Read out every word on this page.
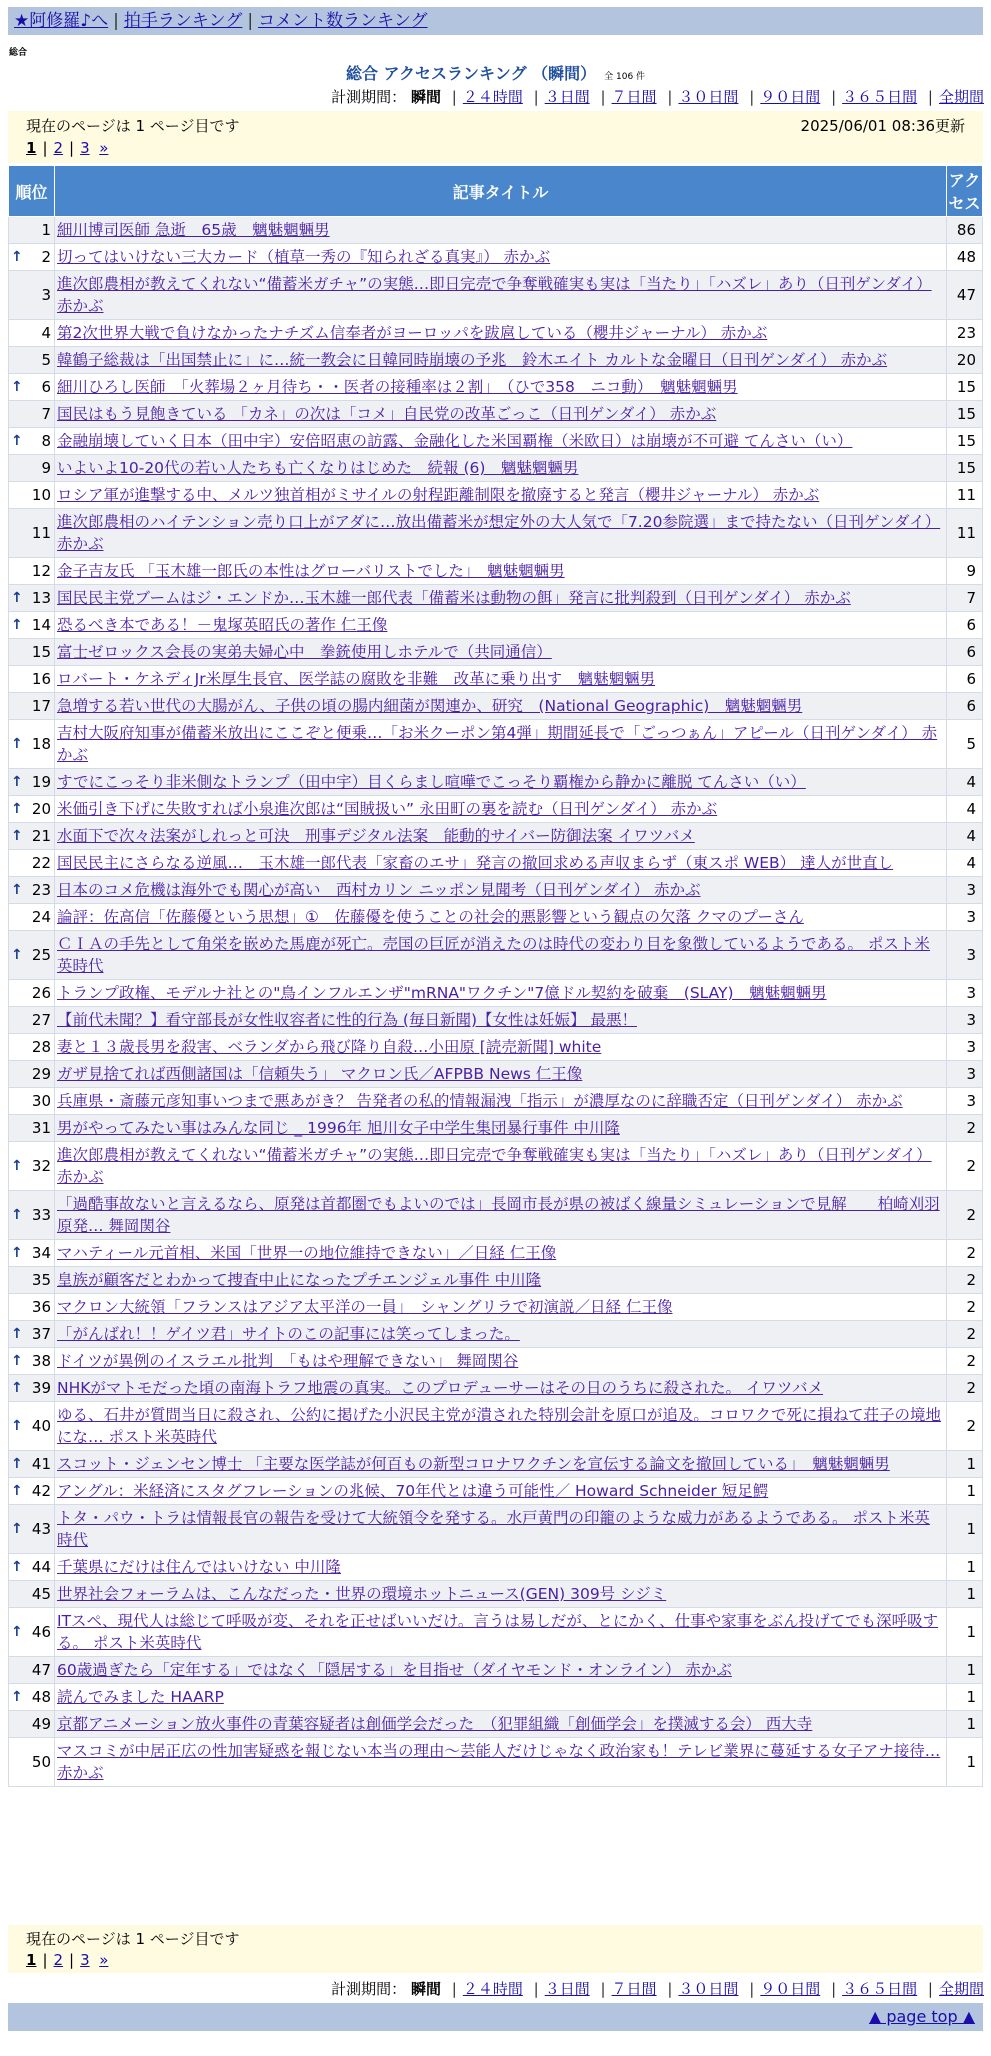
★阿修羅♪へ | 拍手ランキング | コメント数ランキング
総合
総合 アクセスランキング （瞬間） 全 106 件
計測期間： 瞬間 | ２４時間 | ３日間 | ７日間 | ３０日間 | ９０日間 | ３６５日間 | 全期間
現在のページは 1 ページ目です	2025/06/01 08:36更新
1 | 2 | 3 »
順位	記事タイトル	アクセス
1	細川博司医師 急逝　65歳　魑魅魍魎男	86

↑ 2	切ってはいけない三大カード（植草一秀の『知られざる真実』） 赤かぶ	48
3	進次郎農相が教えてくれない“備蓄米ガチャ”の実態…即日完売で争奪戦確実も実は「当たり」「ハズレ」あり（日刊ゲンダイ） 赤かぶ	47
4	第2次世界大戦で負けなかったナチズム信奉者がヨーロッパを跋扈している（櫻井ジャーナル） 赤かぶ	23
5	韓鶴子総裁は「出国禁止に」に…統一教会に日韓同時崩壊の予兆　鈴木エイト カルトな金曜日（日刊ゲンダイ） 赤かぶ	20

↑ 6	細川ひろし医師　「火葬場２ヶ月待ち・・医者の接種率は２割」　（ひで358　ニコ動）　魑魅魍魎男	15
7	国民はもう見飽きている 「カネ」の次は「コメ」自民党の改革ごっこ（日刊ゲンダイ） 赤かぶ	15

↑ 8	金融崩壊していく日本（田中宇）安倍昭恵の訪露、金融化した米国覇権（米欧日）は崩壊が不可避 てんさい（い）	15
9	いよいよ10-20代の若い人たちも亡くなりはじめた　続報 (6)　魑魅魍魎男	15
10	ロシア軍が進撃する中、メルツ独首相がミサイルの射程距離制限を撤廃すると発言（櫻井ジャーナル） 赤かぶ	11
11	進次郎農相のハイテンション売り口上がアダに…放出備蓄米が想定外の大人気で「7.20参院選」まで持たない（日刊ゲンダイ） 赤かぶ	11
12	金子吉友氏 「玉木雄一郎氏の本性はグローバリストでした」　魑魅魍魎男	9

↑ 13	国民民主党ブームはジ・エンドか…玉木雄一郎代表「備蓄米は動物の餌」発言に批判殺到（日刊ゲンダイ） 赤かぶ	7

↑ 14	恐るべき本である！－鬼塚英昭氏の著作 仁王像	6
15	富士ゼロックス会長の実弟夫婦心中　拳銃使用しホテルで（共同通信）	6
16	ロバート・ケネディJr米厚生長官、医学誌の腐敗を非難　改革に乗り出す　魑魅魍魎男	6
17	急増する若い世代の大腸がん、子供の頃の腸内細菌が関連か、研究　(National Geographic)　魑魅魍魎男	6

↑ 18	吉村大阪府知事が備蓄米放出にここぞと便乗…「お米クーポン第4弾」期間延長で「ごっつぁん」アピール（日刊ゲンダイ） 赤かぶ	5

↑ 19	すでにこっそり非米側なトランプ（田中宇）目くらまし喧嘩でこっそり覇権から静かに離脱 てんさい（い）	4

↑ 20	米価引き下げに失敗すれば小泉進次郎は“国賊扱い” 永田町の裏を読む（日刊ゲンダイ） 赤かぶ	4

↑ 21	水面下で次々法案がしれっと可決　刑事デジタル法案　能動的サイバー防御法案 イワツバメ	4
22	国民民主にさらなる逆風…　玉木雄一郎代表「家畜のエサ」発言の撤回求める声収まらず（東スポ WEB） 達人が世直し	4

↑ 23	日本のコメ危機は海外でも関心が高い　西村カリン ニッポン見聞考（日刊ゲンダイ） 赤かぶ	3
24	論評：佐高信「佐藤優という思想」①　佐藤優を使うことの社会的悪影響という観点の欠落 クマのプーさん	3

↑ 25	ＣＩＡの手先として角栄を嵌めた馬鹿が死亡。売国の巨匠が消えたのは時代の変わり目を象徴しているようである。 ポスト米英時代	3
26	トランプ政権、モデルナ社との"鳥インフルエンザ"mRNA"ワクチン"7億ドル契約を破棄　(SLAY)　魑魅魍魎男	3
27	【前代未聞？】看守部長が女性収容者に性的行為 (毎日新聞)【女性は妊娠】 最悪！	3
28	妻と１３歳長男を殺害、ベランダから飛び降り自殺…小田原 [読売新聞] white	3
29	ガザ見捨てれば西側諸国は「信頼失う」 マクロン氏／AFPBB News 仁王像	3
30	兵庫県・斎藤元彦知事いつまで悪あがき？ 告発者の私的情報漏洩「指示」が濃厚なのに辞職否定（日刊ゲンダイ） 赤かぶ	3
31	男がやってみたい事はみんな同じ _ 1996年 旭川女子中学生集団暴行事件 中川隆	2

↑ 32	進次郎農相が教えてくれない“備蓄米ガチャ”の実態…即日完売で争奪戦確実も実は「当たり」「ハズレ」あり（日刊ゲンダイ） 赤かぶ	2

↑ 33	「過酷事故ないと言えるなら、原発は首都圏でもよいのでは」長岡市長が県の被ばく線量シミュレーションで見解　　柏崎刈羽原発… 舞岡関谷	2

↑ 34	マハティール元首相、米国「世界一の地位維持できない」／日経 仁王像	2
35	皇族が顧客だとわかって捜査中止になったプチエンジェル事件 中川隆	2
36	マクロン大統領「フランスはアジア太平洋の一員」　シャングリラで初演説／日経 仁王像	2

↑ 37	「がんばれ！！ゲイツ君」サイトのこの記事には笑ってしまった。	2

↑ 38	ドイツが異例のイスラエル批判　「もはや理解できない」 舞岡関谷	2

↑ 39	NHKがマトモだった頃の南海トラフ地震の真実。このプロデューサーはその日のうちに殺された。 イワツバメ	2

↑ 40	ゆる、石井が質問当日に殺され、公約に掲げた小沢民主党が潰された特別会計を原口が追及。コロワクで死に損ねて荘子の境地にな… ポスト米英時代	2

↑ 41	スコット・ジェンセン博士 「主要な医学誌が何百もの新型コロナワクチンを宣伝する論文を撤回している」　魑魅魍魎男	1

↑ 42	アングル：米経済にスタグフレーションの兆候、70年代とは違う可能性／ Howard Schneider 短足鰐	1

↑ 43	トタ・パウ・トラは情報長官の報告を受けて大統領令を発する。水戸黄門の印籠のような威力があるようである。 ポスト米英時代	1

↑ 44	千葉県にだけは住んではいけない 中川隆	1
45	世界社会フォーラムは、こんなだった・世界の環境ホットニュース(GEN) 309号 シジミ	1

↑ 46	ITスペ、現代人は総じて呼吸が変、それを正せばいいだけ。言うは易しだが、とにかく、仕事や家事をぶん投げてでも深呼吸する。 ポスト米英時代	1
47	60歳過ぎたら「定年する」ではなく「隠居する」を目指せ（ダイヤモンド・オンライン） 赤かぶ	1

↑ 48	読んでみました HAARP	1
49	京都アニメーション放火事件の青葉容疑者は創価学会だった　（犯罪組織「創価学会」を撲滅する会） 西大寺	1
50	マスコミが中居正広の性加害疑惑を報じない本当の理由～芸能人だけじゃなく政治家も！テレビ業界に蔓延する女子アナ接待… 赤かぶ	1
現在のページは 1 ページ目です
1 | 2 | 3 »
計測期間： 瞬間 | ２４時間 | ３日間 | ７日間 | ３０日間 | ９０日間 | ３６５日間 | 全期間
▲ page top ▲
